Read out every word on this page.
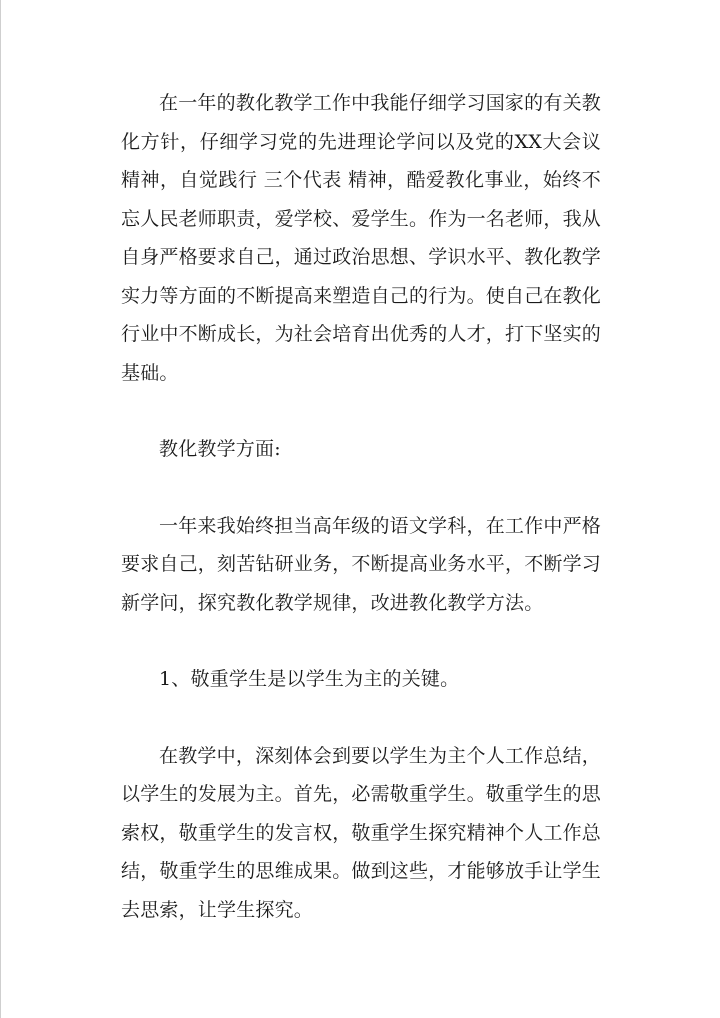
在一年的教化教学工作中我能仔细学习国家的有关教化方针，仔细学习党的先进理论学问以及党的XX大会议精神，自觉践行 三个代表 精神，酷爱教化事业，始终不忘人民老师职责，爱学校、爱学生。作为一名老师，我从自身严格要求自己，通过政治思想、学识水平、教化教学实力等方面的不断提高来塑造自己的行为。使自己在教化行业中不断成长，为社会培育出优秀的人才，打下坚实的基础。

教化教学方面:

一年来我始终担当高年级的语文学科，在工作中严格要求自己，刻苦钻研业务，不断提高业务水平，不断学习新学问，探究教化教学规律，改进教化教学方法。

1、敬重学生是以学生为主的关键。

在教学中，深刻体会到要以学生为主个人工作总结，以学生的发展为主。首先，必需敬重学生。敬重学生的思索权，敬重学生的发言权，敬重学生探究精神个人工作总结，敬重学生的思维成果。做到这些，才能够放手让学生去思索，让学生探究。
